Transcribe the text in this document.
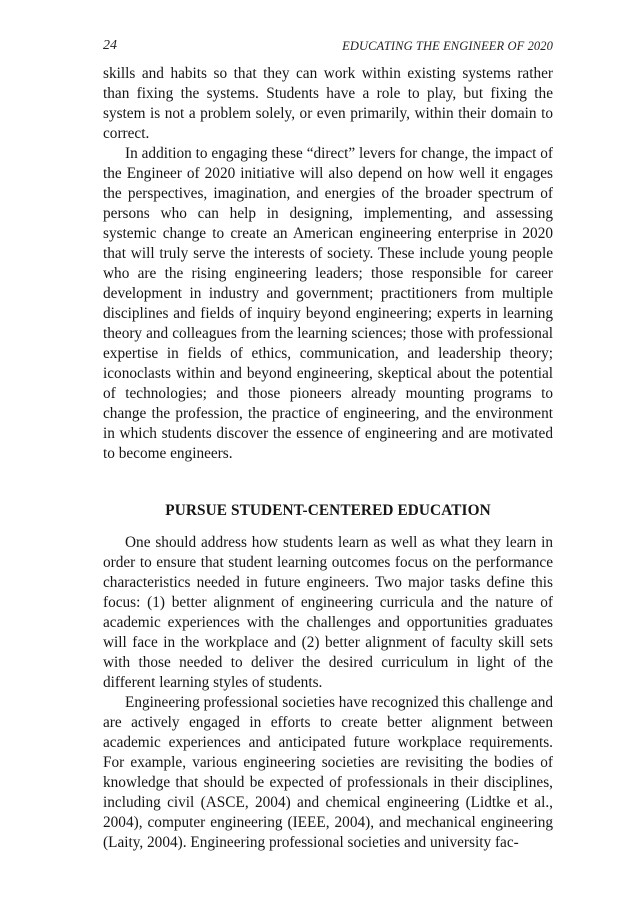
24	EDUCATING THE ENGINEER OF 2020

skills and habits so that they can work within existing systems rather than fixing the systems. Students have a role to play, but fixing the system is not a problem solely, or even primarily, within their domain to correct.

In addition to engaging these “direct” levers for change, the impact of the Engineer of 2020 initiative will also depend on how well it engages the perspectives, imagination, and energies of the broader spectrum of persons who can help in designing, implementing, and assessing systemic change to create an American engineering enterprise in 2020 that will truly serve the interests of society. These include young people who are the rising engineering leaders; those responsible for career development in industry and government; practitioners from multiple disciplines and fields of inquiry beyond engineering; experts in learning theory and colleagues from the learning sciences; those with professional expertise in fields of ethics, communication, and leadership theory; iconoclasts within and beyond engineering, skeptical about the potential of technologies; and those pioneers already mounting programs to change the profession, the practice of engineering, and the environment in which students discover the essence of engineering and are motivated to become engineers.

PURSUE STUDENT-CENTERED EDUCATION

One should address how students learn as well as what they learn in order to ensure that student learning outcomes focus on the performance characteristics needed in future engineers. Two major tasks define this focus: (1) better alignment of engineering curricula and the nature of academic experiences with the challenges and opportunities graduates will face in the workplace and (2) better alignment of faculty skill sets with those needed to deliver the desired curriculum in light of the different learning styles of students.

Engineering professional societies have recognized this challenge and are actively engaged in efforts to create better alignment between academic experiences and anticipated future workplace requirements. For example, various engineering societies are revisiting the bodies of knowledge that should be expected of professionals in their disciplines, including civil (ASCE, 2004) and chemical engineering (Lidtke et al., 2004), computer engineering (IEEE, 2004), and mechanical engineering (Laity, 2004). Engineering professional societies and university fac-
